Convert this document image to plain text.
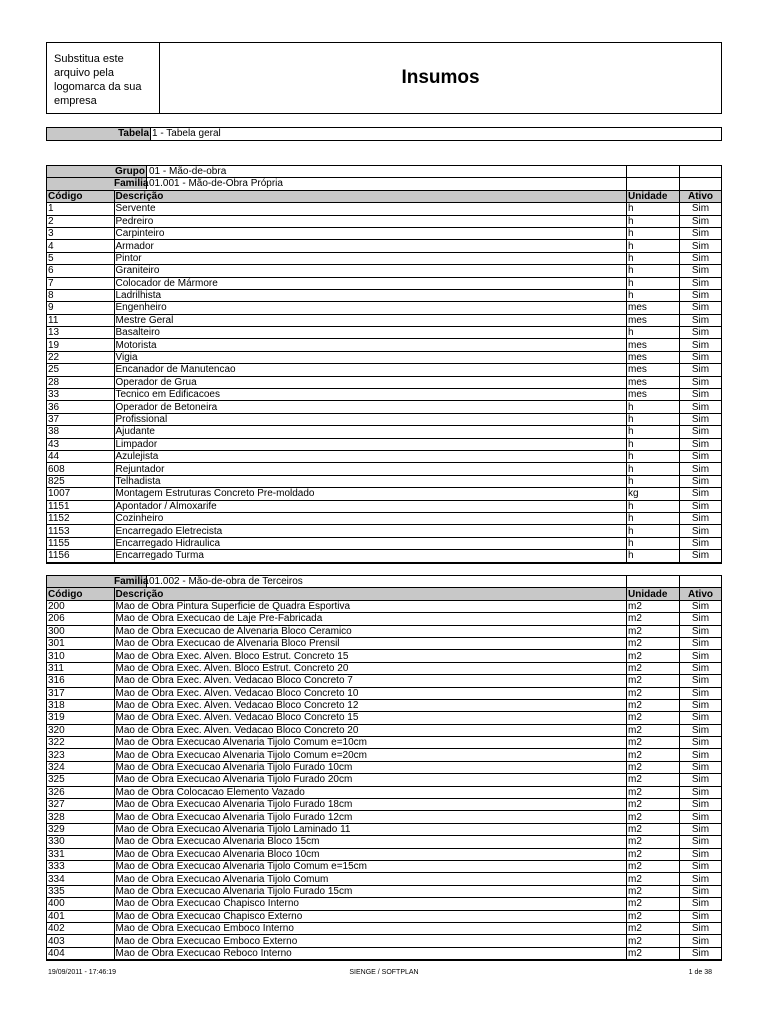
Substitua este
arquivo pela
logomarca da sua
empresa
Insumos
Tabela 1 - Tabela geral

	Grupo 01 - Mão-de-obra		

	Familia 01.001 - Mão-de-Obra Própria		

Código	Descrição	Unidade	Ativo
1	Servente	h	Sim
2	Pedreiro	h	Sim
3	Carpinteiro	h	Sim
4	Armador	h	Sim
5	Pintor	h	Sim
6	Graniteiro	h	Sim
7	Colocador de Mármore	h	Sim
8	Ladrilhista	h	Sim
9	Engenheiro	mes	Sim
11	Mestre Geral	mes	Sim
13	Basalteiro	h	Sim
19	Motorista	mes	Sim
22	Vigia	mes	Sim
25	Encanador de Manutencao	mes	Sim
28	Operador de Grua	mes	Sim
33	Tecnico em Edificacoes	mes	Sim
36	Operador de Betoneira	h	Sim
37	Profissional	h	Sim
38	Ajudante	h	Sim
43	Limpador	h	Sim
44	Azulejista	h	Sim
608	Rejuntador	h	Sim
825	Telhadista	h	Sim
1007	Montagem Estruturas Concreto Pre-moldado	kg	Sim
1151	Apontador / Almoxarife	h	Sim
1152	Cozinheiro	h	Sim
1153	Encarregado Eletrecista	h	Sim
1155	Encarregado Hidraulica	h	Sim
1156	Encarregado Turma	h	Sim

	Familia 01.002 - Mão-de-obra de Terceiros		

Código	Descrição	Unidade	Ativo
200	Mao de Obra Pintura Superficie de Quadra Esportiva	m2	Sim
206	Mao de Obra Execucao de Laje Pre-Fabricada	m2	Sim
300	Mao de Obra Execucao de Alvenaria Bloco Ceramico	m2	Sim
301	Mao de Obra Execucao de Alvenaria Bloco Prensil	m2	Sim
310	Mao de Obra Exec. Alven. Bloco Estrut. Concreto 15	m2	Sim
311	Mao de Obra Exec. Alven. Bloco Estrut. Concreto 20	m2	Sim
316	Mao de Obra Exec. Alven. Vedacao Bloco Concreto 7	m2	Sim
317	Mao de Obra Exec. Alven. Vedacao Bloco Concreto 10	m2	Sim
318	Mao de Obra Exec. Alven. Vedacao Bloco Concreto 12	m2	Sim
319	Mao de Obra Exec. Alven. Vedacao Bloco Concreto 15	m2	Sim
320	Mao de Obra Exec. Alven. Vedacao Bloco Concreto 20	m2	Sim
322	Mao de Obra Execucao Alvenaria Tijolo Comum e=10cm	m2	Sim
323	Mao de Obra Execucao Alvenaria Tijolo Comum e=20cm	m2	Sim
324	Mao de Obra Execucao Alvenaria Tijolo Furado 10cm	m2	Sim
325	Mao de Obra Execucao Alvenaria Tijolo Furado 20cm	m2	Sim
326	Mao de Obra Colocacao Elemento Vazado	m2	Sim
327	Mao de Obra Execucao Alvenaria Tijolo Furado 18cm	m2	Sim
328	Mao de Obra Execucao Alvenaria Tijolo Furado 12cm	m2	Sim
329	Mao de Obra Execucao Alvenaria Tijolo Laminado 11	m2	Sim
330	Mao de Obra Execucao Alvenaria Bloco 15cm	m2	Sim
331	Mao de Obra Execucao Alvenaria Bloco 10cm	m2	Sim
333	Mao de Obra Execucao Alvenaria Tijolo Comum e=15cm	m2	Sim
334	Mao de Obra Execucao Alvenaria Tijolo Comum	m2	Sim
335	Mao de Obra Execucao Alvenaria Tijolo Furado 15cm	m2	Sim
400	Mao de Obra Execucao Chapisco Interno	m2	Sim
401	Mao de Obra Execucao Chapisco Externo	m2	Sim
402	Mao de Obra Execucao Emboco Interno	m2	Sim
403	Mao de Obra Execucao Emboco Externo	m2	Sim
404	Mao de Obra Execucao Reboco Interno	m2	Sim
19/09/2011 - 17:46:19	SIENGE / SOFTPLAN	1 de 38
